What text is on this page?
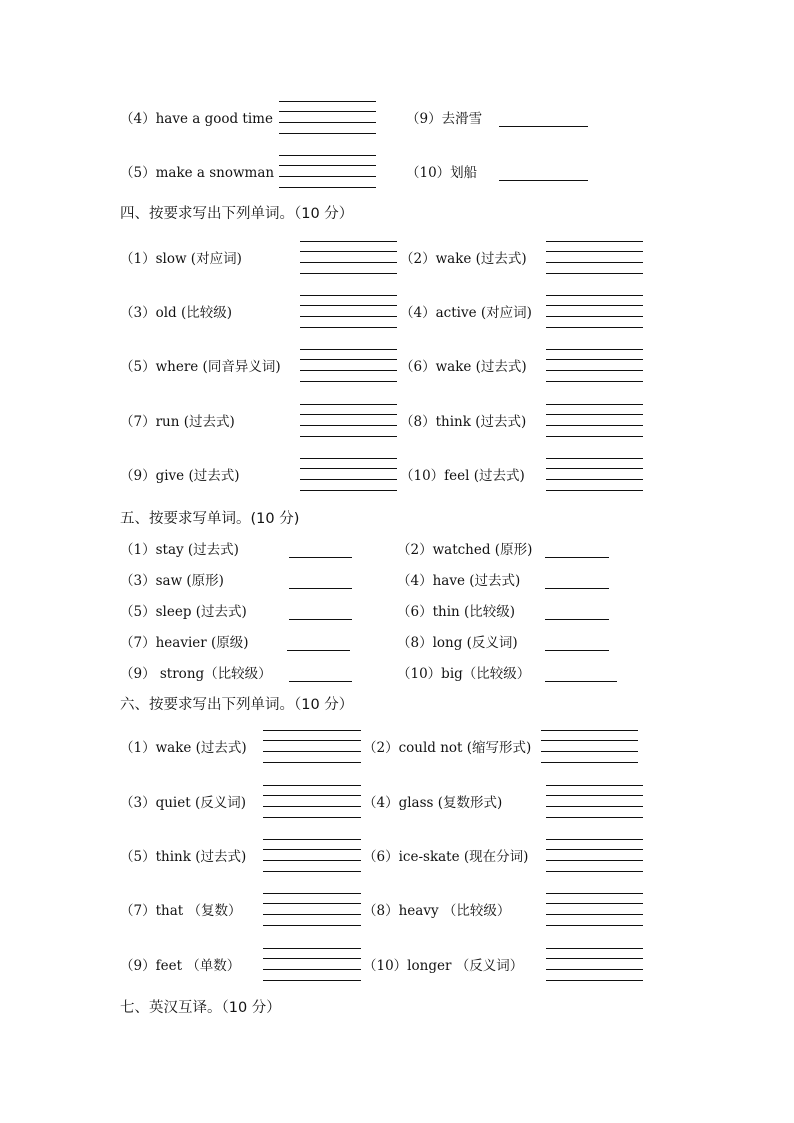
（4）have a good time	（9）去滑雪
（5）make a snowman	（10）划船
四、按要求写出下列单词。（10 分）
（1）slow (对应词)	（2）wake (过去式)
（3）old (比较级)	（4）active (对应词)
（5）where (同音异义词)	（6）wake (过去式)
（7）run (过去式)	（8）think (过去式)
（9）give (过去式)	（10）feel (过去式)
五、按要求写单词。(10 分)
（1）stay (过去式)	（2）watched (原形)
（3）saw (原形)	（4）have (过去式)
（5）sleep (过去式)	（6）thin (比较级)
（7）heavier (原级)	（8）long (反义词)
（9） strong（比较级）	（10）big（比较级）
六、按要求写出下列单词。（10 分）
（1）wake (过去式)	（2）could not (缩写形式)
（3）quiet (反义词)	（4）glass (复数形式)
（5）think (过去式)	（6）ice-skate (现在分词)
（7）that （复数）	（8）heavy （比较级）
（9）feet （单数）	（10）longer （反义词）
七、英汉互译。（10 分）
